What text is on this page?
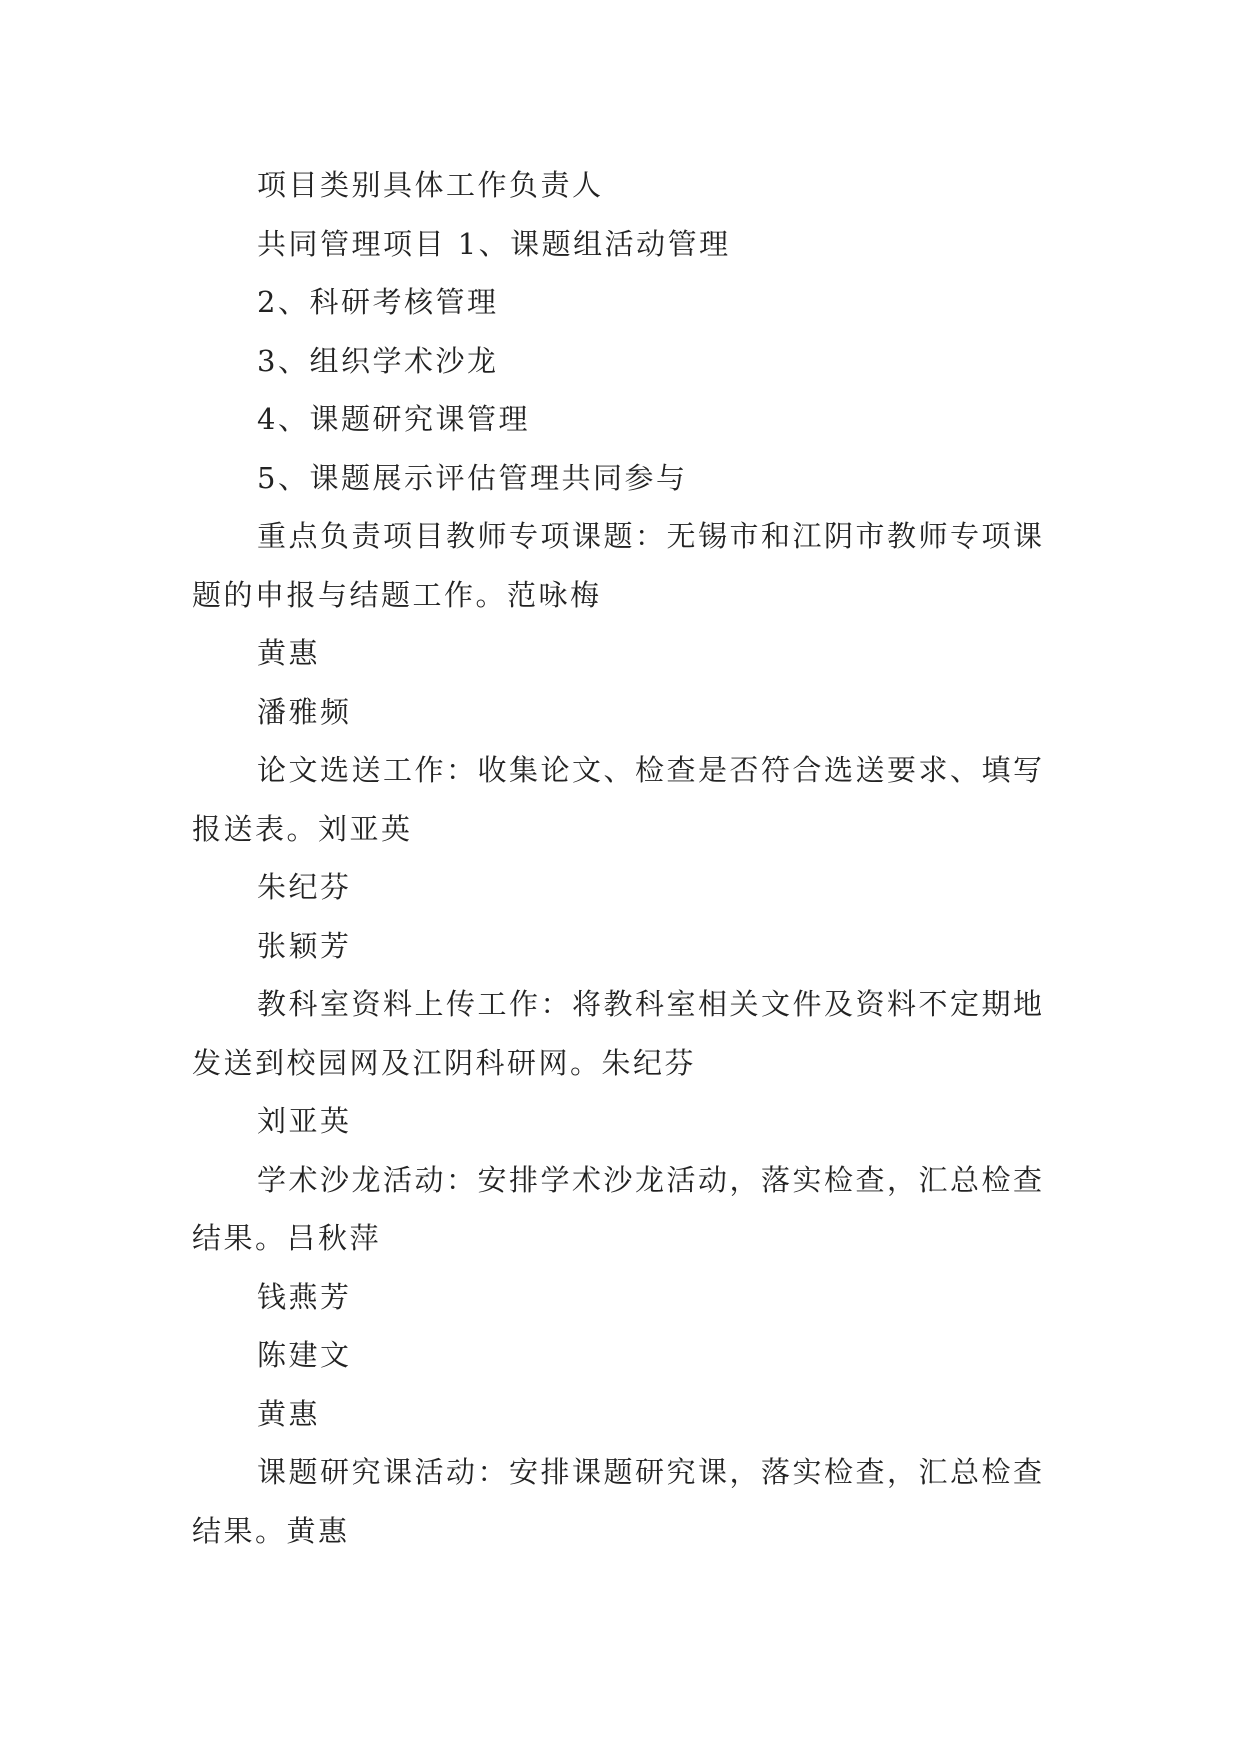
项目类别具体工作负责人

共同管理项目 1、课题组活动管理

2、科研考核管理

3、组织学术沙龙

4、课题研究课管理

5、课题展示评估管理共同参与

重点负责项目教师专项课题：无锡市和江阴市教师专项课题的申报与结题工作。范咏梅

黄惠

潘雅频

论文选送工作：收集论文、检查是否符合选送要求、填写报送表。刘亚英

朱纪芬

张颖芳

教科室资料上传工作：将教科室相关文件及资料不定期地发送到校园网及江阴科研网。朱纪芬

刘亚英

学术沙龙活动：安排学术沙龙活动，落实检查，汇总检查结果。吕秋萍

钱燕芳

陈建文

黄惠

课题研究课活动：安排课题研究课，落实检查，汇总检查结果。黄惠
